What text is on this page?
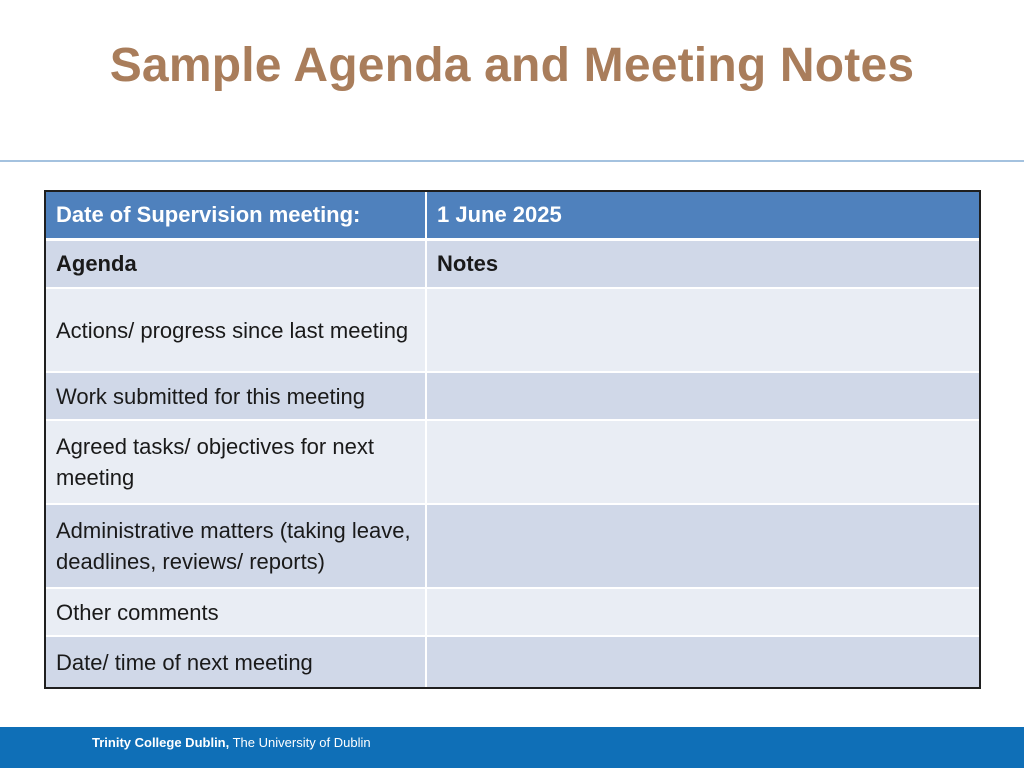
Sample Agenda and Meeting Notes
Date of Supervision meeting:	1 June 2025
Agenda	Notes
Actions/ progress since last meeting	
Work submitted for this meeting	
Agreed tasks/ objectives for next meeting	
Administrative matters (taking leave, deadlines, reviews/ reports)	
Other comments	
Date/ time of next meeting	
Trinity College Dublin, The University of Dublin
